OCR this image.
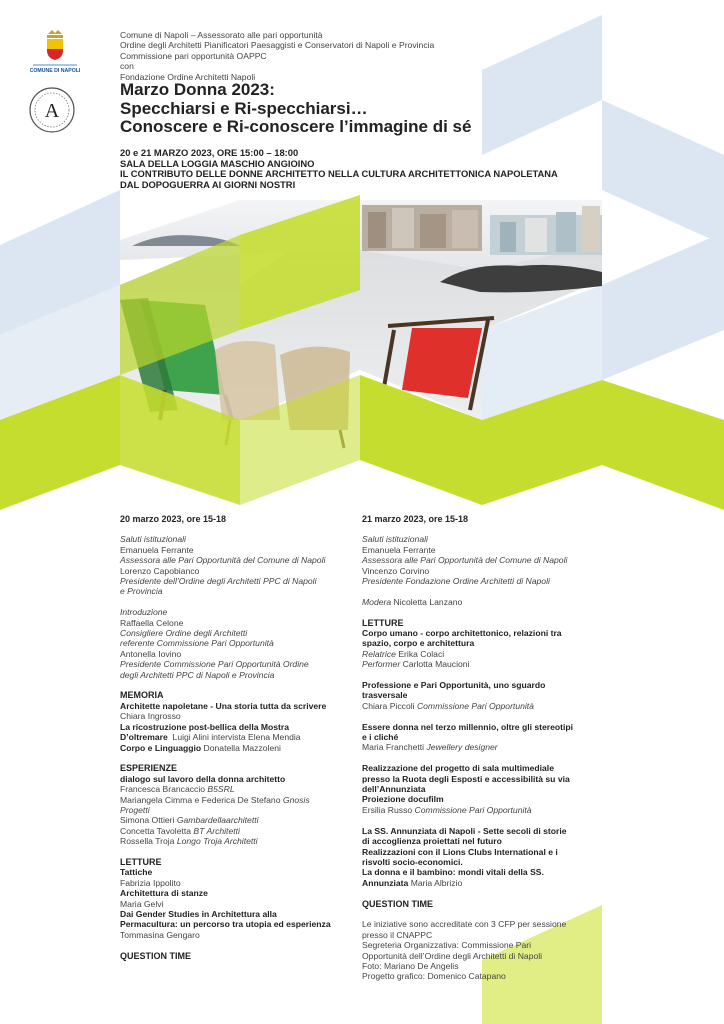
COMUNE DI NAPOLI
A
Comune di Napoli – Assessorato alle pari opportunità
Ordine degli Architetti Pianificatori Paesaggisti e Conservatori di Napoli e Provincia
Commissione pari opportunità OAPPC
con
Fondazione Ordine Architetti Napoli
Marzo Donna 2023:
Specchiarsi e Ri-specchiarsi…
Conoscere e Ri-conoscere l’immagine di sé
20 e 21 MARZO 2023, ORE 15:00 – 18:00
SALA DELLA LOGGIA MASCHIO ANGIOINO
IL CONTRIBUTO DELLE DONNE ARCHITETTO NELLA CULTURA ARCHITETTONICA NAPOLETANA
DAL DOPOGUERRA AI GIORNI NOSTRI

20 marzo 2023, ore 15-18

Saluti istituzionali

Emanuela Ferrante

Assessora alle Pari Opportunità del Comune di Napoli

Lorenzo Capobianco

Presidente dell’Ordine degli Architetti PPC di Napoli

e Provincia

Introduzione

Raffaella Celone

Consigliere Ordine degli Architetti

referente Commissione Pari Opportunità

Antonella Iovino

Presidente Commissione Pari Opportunità Ordine

degli Architetti PPC di Napoli e Provincia

MEMORIA

Architette napoletane - Una storia tutta da scrivere

Chiara Ingrosso

La ricostruzione post-bellica della Mostra

D’oltremare Luigi Alini intervista Elena Mendia

Corpo e Linguaggio Donatella Mazzoleni

ESPERIENZE

dialogo sul lavoro della donna architetto

Francesca Brancaccio B5SRL

Mariangela Cimma e Federica De Stefano Gnosis

Progetti

Simona Ottieri Gambardellaarchitetti

Concetta Tavoletta BT Architetti

Rossella Troja Longo Troja Architetti

LETTURE

Tattiche

Fabrizia Ippolito

Architettura di stanze

Maria Gelvi

Dai Gender Studies in Architettura alla

Permacultura: un percorso tra utopia ed esperienza

Tommasina Gengaro

QUESTION TIME

21 marzo 2023, ore 15-18

Saluti istituzionali

Emanuela Ferrante

Assessora alle Pari Opportunità del Comune di Napoli

Vincenzo Corvino

Presidente Fondazione Ordine Architetti di Napoli

Modera Nicoletta Lanzano

LETTURE

Corpo umano - corpo architettonico, relazioni tra

spazio, corpo e architettura

Relatrice Erika Colaci

Performer Carlotta Maucioni

Professione e Pari Opportunità, uno sguardo

trasversale

Chiara Piccoli Commissione Pari Opportunità

Essere donna nel terzo millennio, oltre gli stereotipi

e i cliché

Maria Franchetti Jewellery designer

Realizzazione del progetto di sala multimediale

presso la Ruota degli Esposti e accessibilità su via

dell’Annunziata

Proiezione docufilm

Ersilia Russo Commissione Pari Opportunità

La SS. Annunziata di Napoli - Sette secoli di storie

di accoglienza proiettati nel futuro

Realizzazioni con il Lions Clubs International e i

risvolti socio-economici.

La donna e il bambino: mondi vitali della SS.

Annunziata Maria Albrizio

QUESTION TIME

Le iniziative sono accreditate con 3 CFP per sessione

presso il CNAPPC

Segreteria Organizzativa: Commissione Pari

Opportunità dell’Ordine degli Architetti di Napoli

Foto: Mariano De Angelis

Progetto grafico: Domenico Catapano
